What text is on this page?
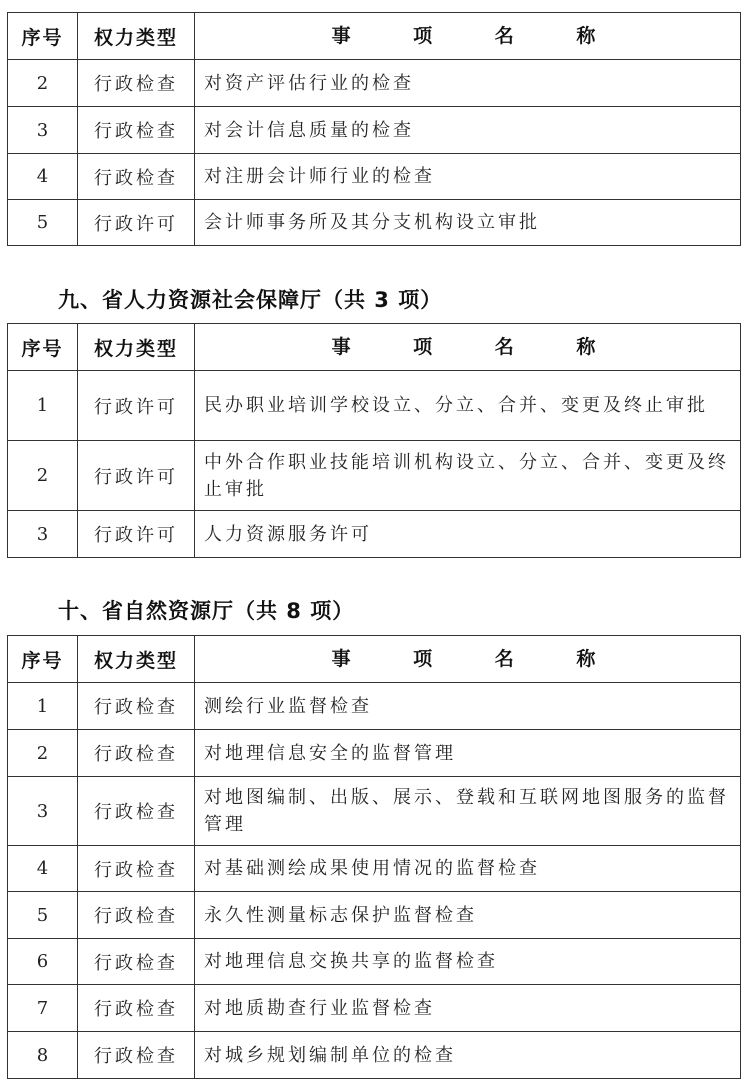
序号	权力类型	事 项 名 称
2	行政检查	对资产评估行业的检查
3	行政检查	对会计信息质量的检查
4	行政检查	对注册会计师行业的检查
5	行政许可	会计师事务所及其分支机构设立审批
九、省人力资源社会保障厅（共 3 项）
序号	权力类型	事 项 名 称
1	行政许可	民办职业培训学校设立、分立、合并、变更及终止审批
2	行政许可	中外合作职业技能培训机构设立、分立、合并、变更及终止审批
3	行政许可	人力资源服务许可
十、省自然资源厅（共 8 项）
序号	权力类型	事 项 名 称
1	行政检查	测绘行业监督检查
2	行政检查	对地理信息安全的监督管理
3	行政检查	对地图编制、出版、展示、登载和互联网地图服务的监督管理
4	行政检查	对基础测绘成果使用情况的监督检查
5	行政检查	永久性测量标志保护监督检查
6	行政检查	对地理信息交换共享的监督检查
7	行政检查	对地质勘查行业监督检查
8	行政检查	对城乡规划编制单位的检查
